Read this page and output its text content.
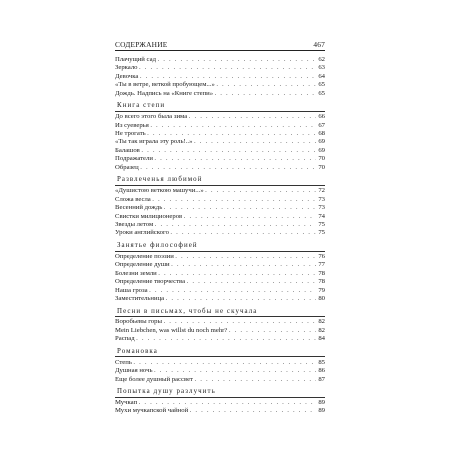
СОДЕРЖАНИЕ	467
Плачущий сад . . .	62
Зеркало . . .	63
Девочка . . .	64
«Ты в ветре, веткой пробующем...» . . .	65
Дождь. Надпись на «Книге степи» . . .	65
Книга степи
До всего этого была зима . . .	66
Из суеверья . . .	67
Не трогать . . .	68
«Ты так играла эту роль!..» . . .	69
Балашов . . .	69
Подражатели . . .	70
Образец . . .	70
Развлеченья любимой
«Душистою веткою машучи...» . . .	72
Сложа весла . . .	73
Весенний дождь . . .	73
Свистки милиционеров . . .	74
Звезды летом . . .	75
Уроки английского . . .	75
Занятье философией
Определение поэзии . . .	76
Определение души . . .	77
Болезни земли . . .	78
Определение творчества . . .	78
Наша гроза . . .	79
Заместительница . . .	80
Песни в письмах, чтобы не скучала
Воробьевы горы . . .	82
Mein Liebchen, was willst du noch mehr? . . .	82
Распад . . .	84
Романовка
Степь . . .	85
Душная ночь . . .	86
Еще более душный рассвет . . .	87
Попытка душу разлучить
Мучкап . . .	89
Мухи мучкапской чайной . . .	89
